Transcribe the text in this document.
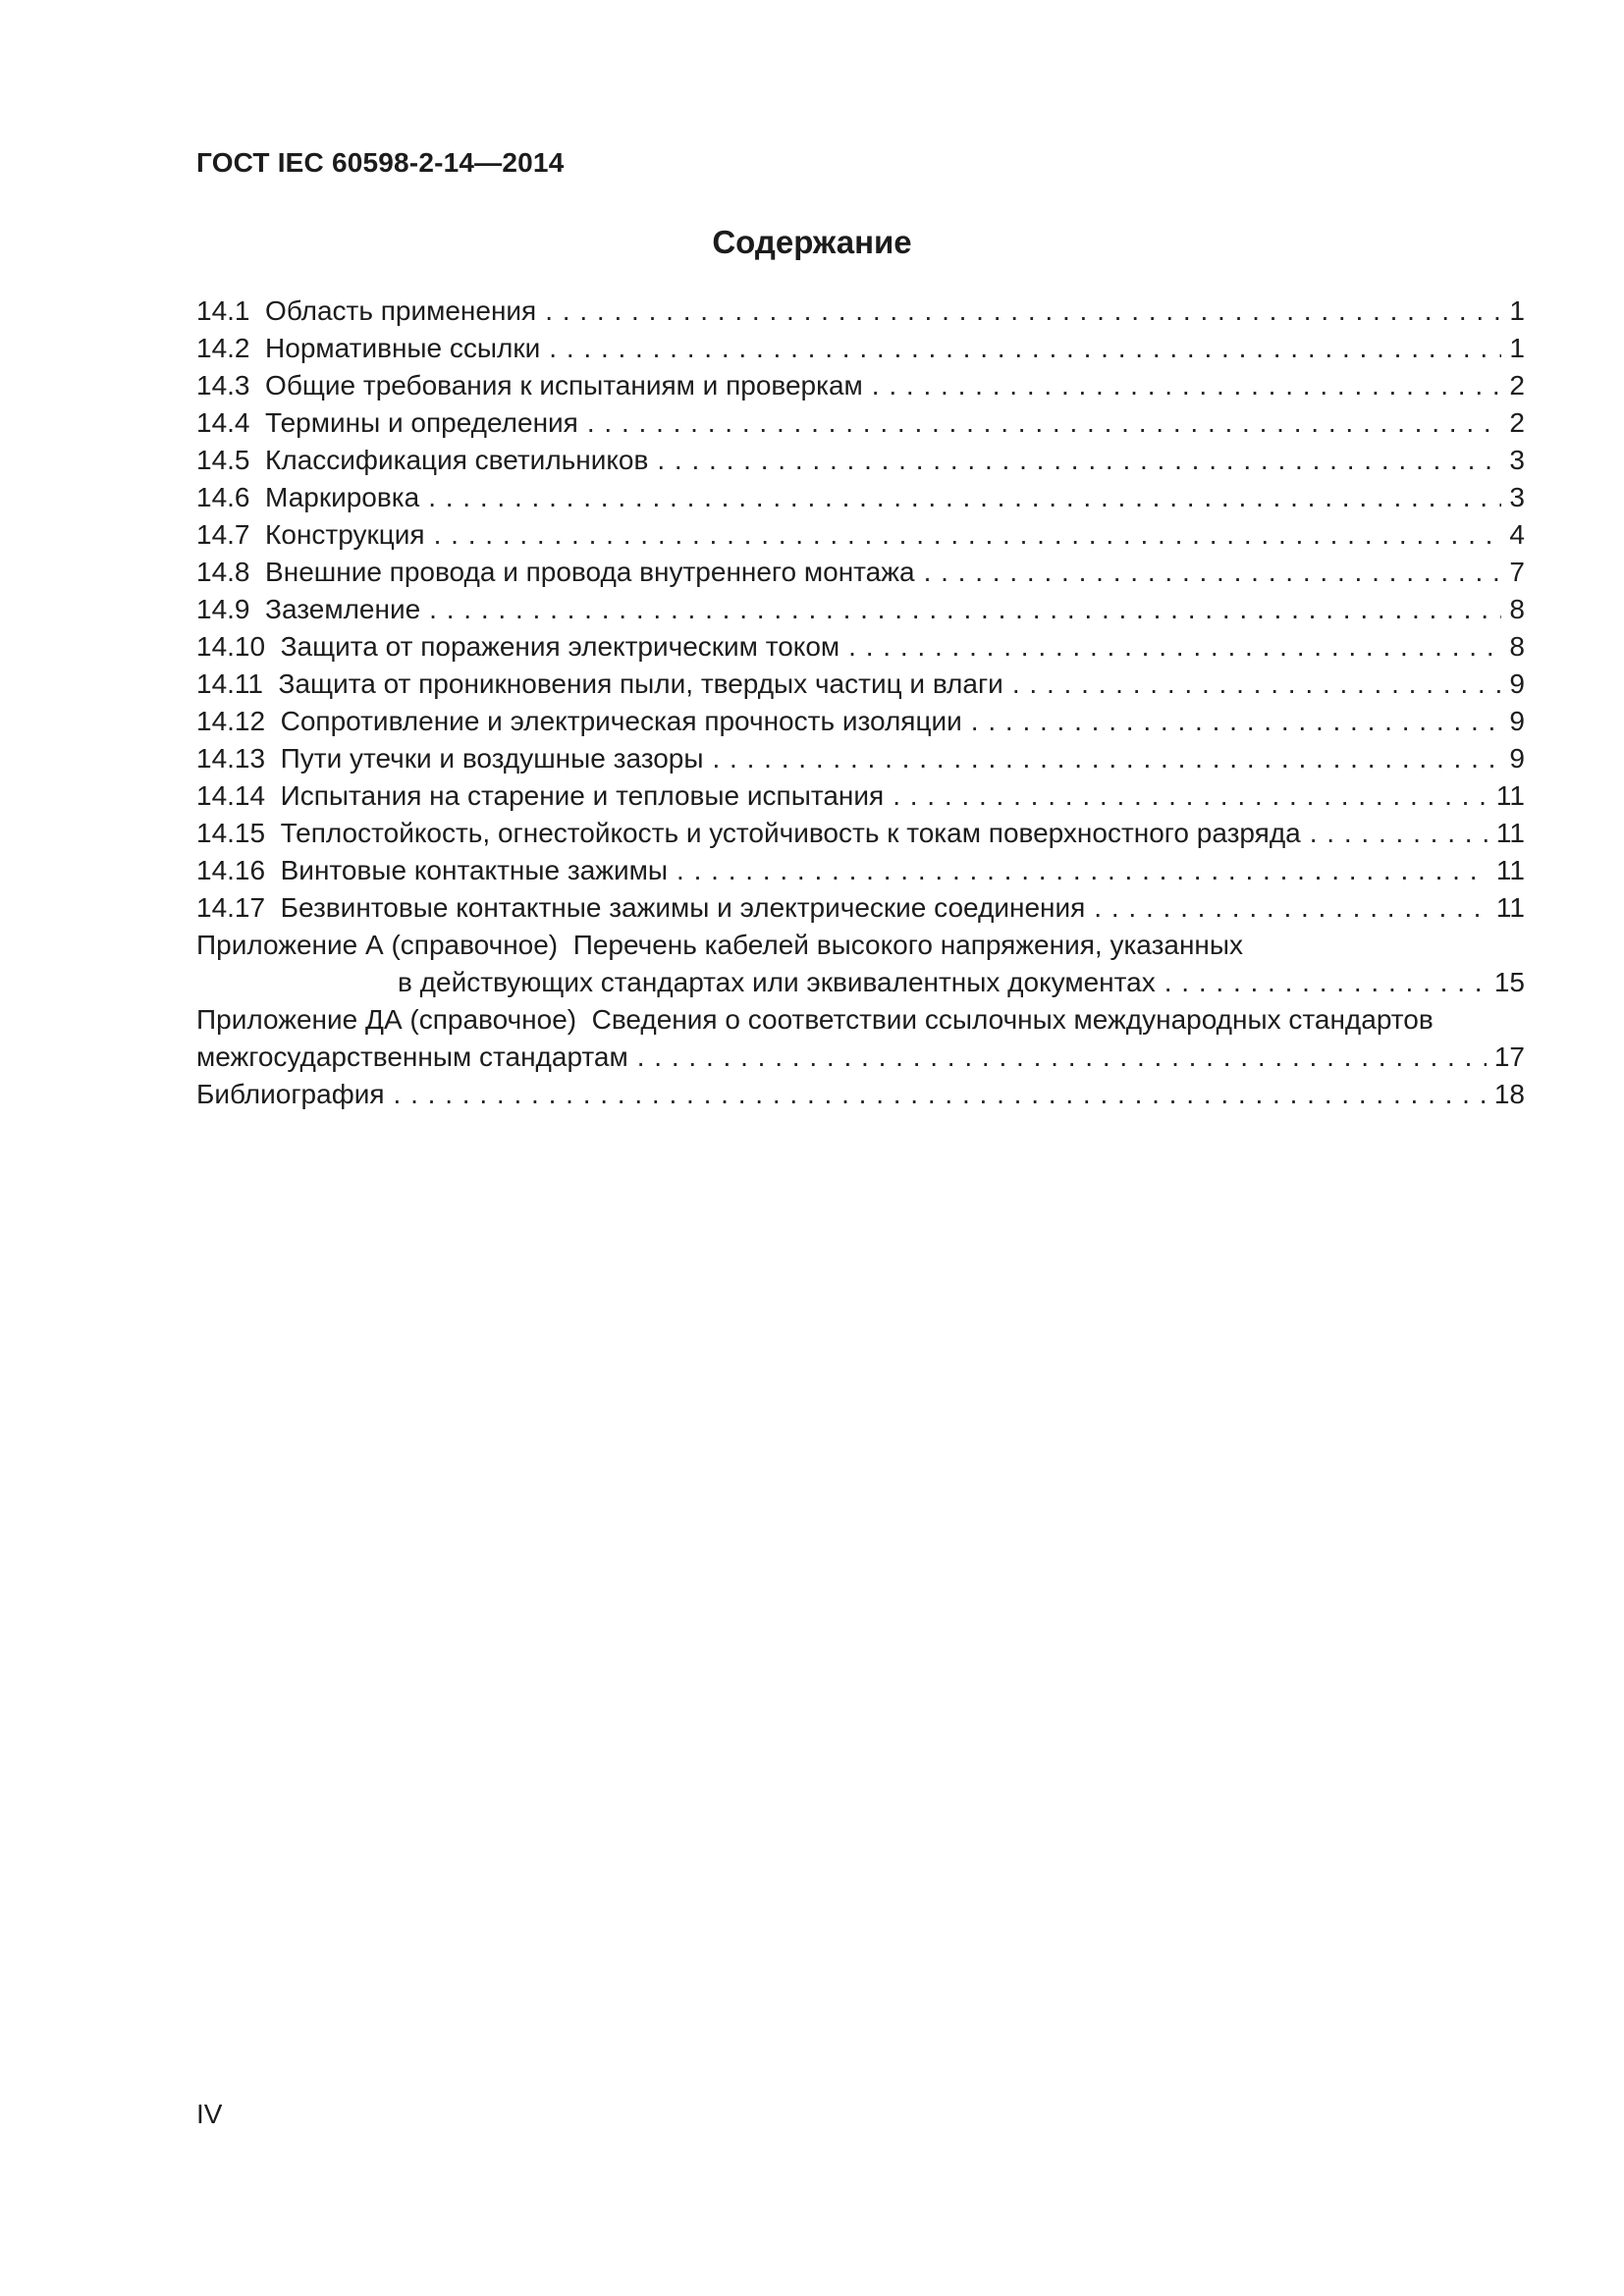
ГОСТ IEC 60598-2-14—2014
Содержание
14.1  Область применения . . .	1
14.2  Нормативные ссылки . . .	1
14.3  Общие требования к испытаниям и проверкам . . .	2
14.4  Термины и определения . . .	2
14.5  Классификация светильников . . .	3
14.6  Маркировка . . .	3
14.7  Конструкция . . .	4
14.8  Внешние провода и провода внутреннего монтажа . . .	7
14.9  Заземление . . .	8
14.10  Защита от поражения электрическим током . . .	8
14.11  Защита от проникновения пыли, твердых частиц и влаги . . .	9
14.12  Сопротивление и электрическая прочность изоляции . . .	9
14.13  Пути утечки и воздушные зазоры . . .	9
14.14  Испытания на старение и тепловые испытания . . .	11
14.15  Теплостойкость, огнестойкость и устойчивость к токам поверхностного разряда . . .	11
14.16  Винтовые контактные зажимы . . .	11
14.17  Безвинтовые контактные зажимы и электрические соединения . . .	11
Приложение А (справочное)  Перечень кабелей высокого напряжения, указанных
в действующих стандартах или эквивалентных документах . . .	15
Приложение ДА (справочное)  Сведения о соответствии ссылочных международных стандартов
межгосударственным стандартам . . .	17
Библиография . . .	18
IV
